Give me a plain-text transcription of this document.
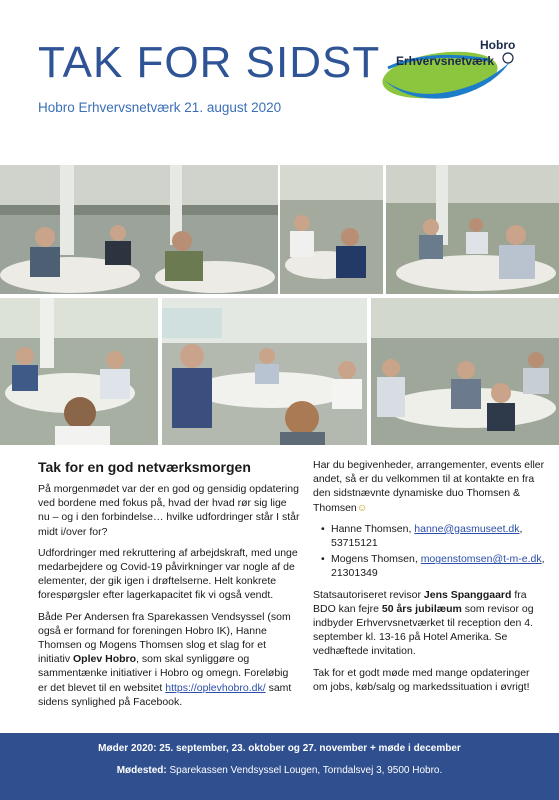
TAK FOR SIDST
Hobro Erhvervsnetværk 21. august 2020
Hobro
Erhvervsnetværk
Tak for en god netværksmorgen

På morgenmødet var der en god og gensidig opdatering ved bordene med fokus på, hvad der hvad rør sig lige nu – og i den forbindelse… hvilke udfordringer står I står midt i/over for?

Udfordringer med rekruttering af arbejdskraft, med unge medarbejdere og Covid-19 påvirkninger var nogle af de elementer, der gik igen i drøftelserne. Helt konkrete forespørgsler efter lagerkapacitet fik vi også vendt.

Både Per Andersen fra Sparekassen Vendsyssel (som også er formand for foreningen Hobro IK), Hanne Thomsen og Mogens Thomsen slog et slag for et initiativ Oplev Hobro, som skal synliggøre og sammentænke initiativer i Hobro og omegn. Foreløbig er det blevet til en websitet https://oplevhobro.dk/ samt sidens synlighed på Facebook.

Har du begivenheder, arrangementer, events eller andet, så er du velkommen til at kontakte en fra den sidstnævnte dynamiske duo Thomsen & Thomsen☺

• Hanne Thomsen, hanne@gasmuseet.dk,
53715121
• Mogens Thomsen, mogenstomsen@t-m-e.dk,
21301349

Statsautoriseret revisor Jens Spanggaard fra BDO kan fejre 50 års jubilæum som revisor og indbyder Erhvervsnetværket til reception den 4. september kl. 13-16 på Hotel Amerika. Se vedhæftede invitation.

Tak for et godt møde med mange opdateringer om jobs, køb/salg og markedssituation i øvrigt!

Møder 2020: 25. september, 23. oktober og 27. november + møde i december
Mødested: Sparekassen Vendsyssel Lougen, Torndalsvej 3, 9500 Hobro.
